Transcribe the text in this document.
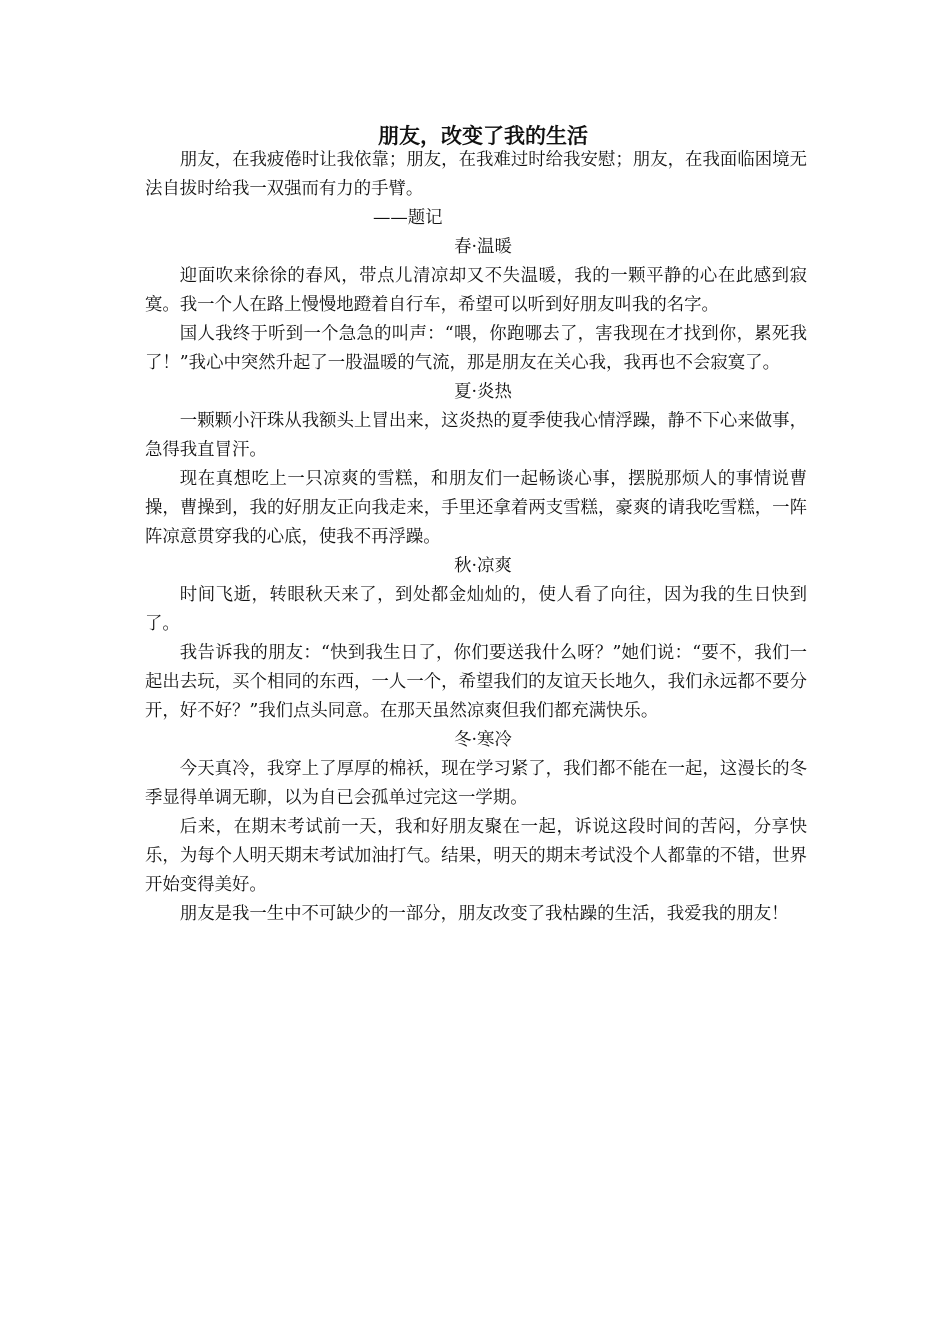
朋友，改变了我的生活

朋友，在我疲倦时让我依靠；朋友，在我难过时给我安慰；朋友，在我面临困境无法自拔时给我一双强而有力的手臂。

——题记

春·温暖

迎面吹来徐徐的春风，带点儿清凉却又不失温暖，我的一颗平静的心在此感到寂寞。我一个人在路上慢慢地蹬着自行车，希望可以听到好朋友叫我的名字。

国人我终于听到一个急急的叫声：“喂，你跑哪去了，害我现在才找到你，累死我了！”我心中突然升起了一股温暖的气流，那是朋友在关心我，我再也不会寂寞了。

夏·炎热

一颗颗小汗珠从我额头上冒出来，这炎热的夏季使我心情浮躁，静不下心来做事，急得我直冒汗。

现在真想吃上一只凉爽的雪糕，和朋友们一起畅谈心事，摆脱那烦人的事情说曹操，曹操到，我的好朋友正向我走来，手里还拿着两支雪糕，豪爽的请我吃雪糕，一阵阵凉意贯穿我的心底，使我不再浮躁。

秋·凉爽

时间飞逝，转眼秋天来了，到处都金灿灿的，使人看了向往，因为我的生日快到了。

我告诉我的朋友：“快到我生日了，你们要送我什么呀？”她们说：“要不，我们一起出去玩，买个相同的东西，一人一个，希望我们的友谊天长地久，我们永远都不要分开，好不好？”我们点头同意。在那天虽然凉爽但我们都充满快乐。

冬·寒冷

今天真冷，我穿上了厚厚的棉袄，现在学习紧了，我们都不能在一起，这漫长的冬季显得单调无聊，以为自已会孤单过完这一学期。

后来，在期末考试前一天，我和好朋友聚在一起，诉说这段时间的苦闷，分享快乐，为每个人明天期末考试加油打气。结果，明天的期末考试没个人都靠的不错，世界开始变得美好。

朋友是我一生中不可缺少的一部分，朋友改变了我枯躁的生活，我爱我的朋友！
